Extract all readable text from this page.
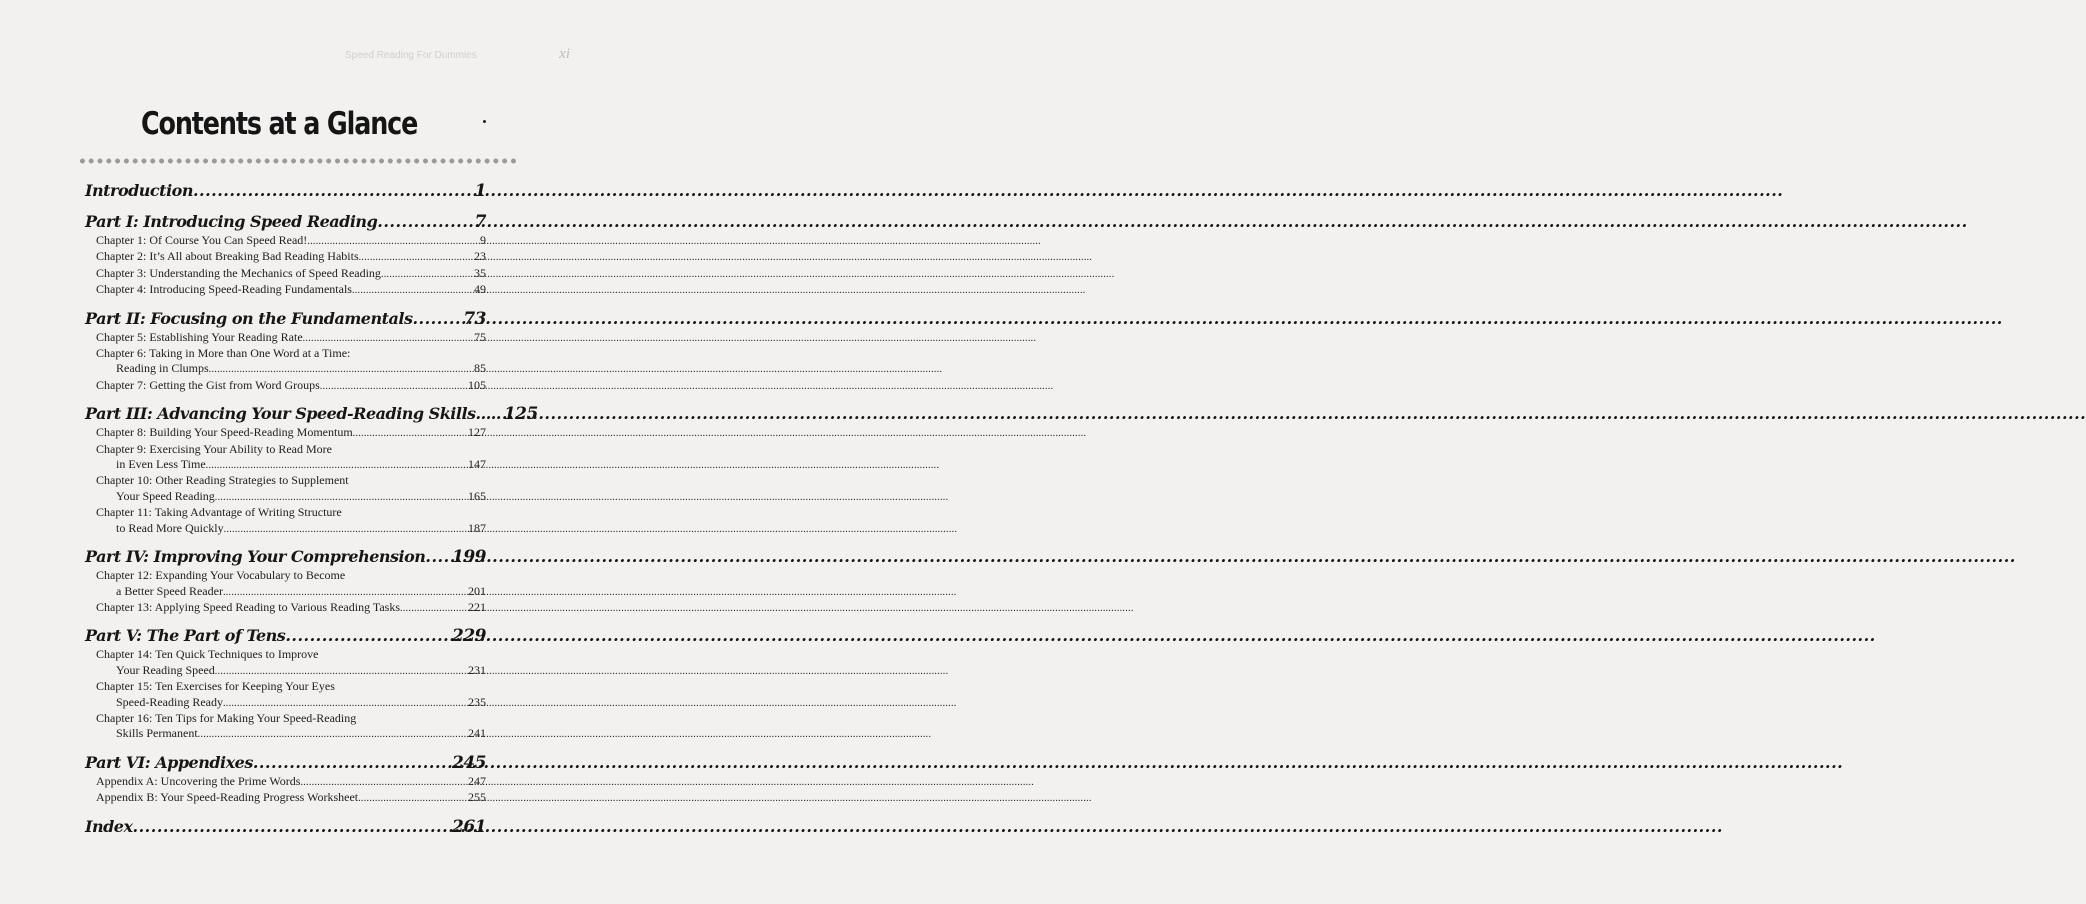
Speed Reading For Dummies	xi
Contents at a Glance
Introduction .....	1
Part I: Introducing Speed Reading .....	7
Chapter 1: Of Course You Can Speed Read! .....	9
Chapter 2: It’s All about Breaking Bad Reading Habits .....	23
Chapter 3: Understanding the Mechanics of Speed Reading .....	35
Chapter 4: Introducing Speed-Reading Fundamentals .....	49
Part II: Focusing on the Fundamentals .....	73
Chapter 5: Establishing Your Reading Rate .....	75
Chapter 6: Taking in More than One Word at a Time:
Reading in Clumps .....	85
Chapter 7: Getting the Gist from Word Groups .....	105
Part III: Advancing Your Speed-Reading Skills.... ..... 125
Chapter 8: Building Your Speed-Reading Momentum .....	127
Chapter 9: Exercising Your Ability to Read More
in Even Less Time .....	147
Chapter 10: Other Reading Strategies to Supplement
Your Speed Reading .....	165
Chapter 11: Taking Advantage of Writing Structure
to Read More Quickly .....	187
Part IV: Improving Your Comprehension ..... 199
Chapter 12: Expanding Your Vocabulary to Become
a Better Speed Reader .....	201
Chapter 13: Applying Speed Reading to Various Reading Tasks .....	221
Part V: The Part of Tens .....	229
Chapter 14: Ten Quick Techniques to Improve
Your Reading Speed .....	231
Chapter 15: Ten Exercises for Keeping Your Eyes
Speed-Reading Ready .....	235
Chapter 16: Ten Tips for Making Your Speed-Reading
Skills Permanent .....	241
Part VI: Appendixes .....	245
Appendix A: Uncovering the Prime Words .....	247
Appendix B: Your Speed-Reading Progress Worksheet .....	255
Index .....	261
